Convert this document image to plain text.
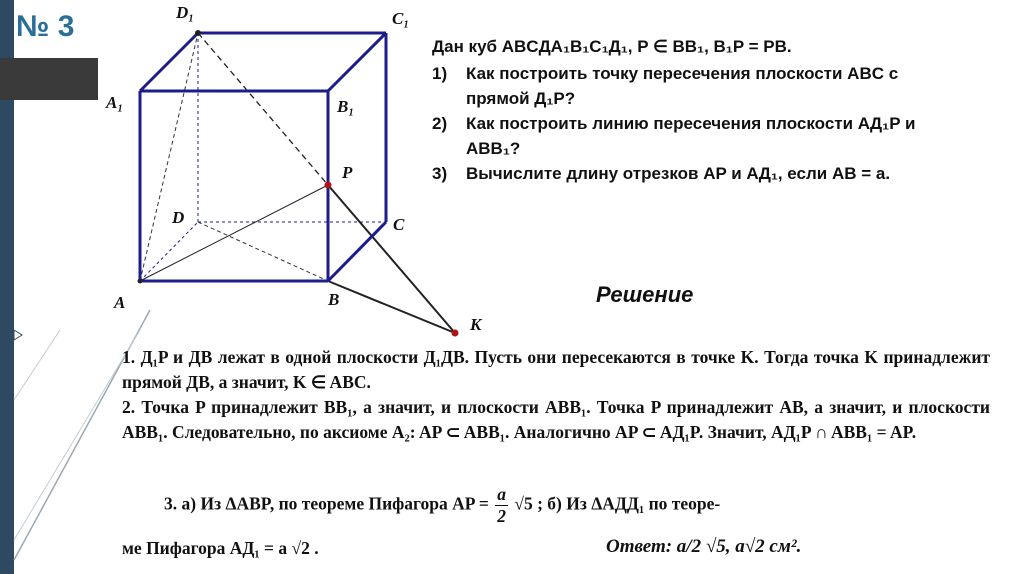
№ 3	D₁	C₁
A₁	B₁
D	C
A	B
P
K
Дан куб ABCДA₁B₁C₁Д₁, P ∈ BB₁, B₁P = PB.
1) Как построить точку пересечения плоскости ABC с прямой Д₁P?
2) Как построить линию пересечения плоскости AД₁P и ABB₁?
3) Вычислите длину отрезков AP и AД₁, если AB = a.
Решение

1. Д₁P и ДB лежат в одной плоскости Д₁ДB. Пусть они пересекаются в точке K. Тогда точка K принадлежит прямой ДB, а значит, K ∈ ABC.

2. Точка P принадлежит BB₁, а значит, и плоскости ABB₁. Точка P принадлежит AB, а значит, и плоскости ABB₁. Следовательно, по аксиоме A₂: AP ⊂ ABB₁. Аналогично AP ⊂ AД₁P. Значит, AД₁P ∩ ABB₁ = AP.

3. а) Из ΔABP, по теореме Пифагора AP = $\frac{a}{2} √5$ ; б) Из ΔAДД₁ по теоре-
ме Пифагора AД₁ = a √2 .	Ответ: a/2 √5, a√2 см².
